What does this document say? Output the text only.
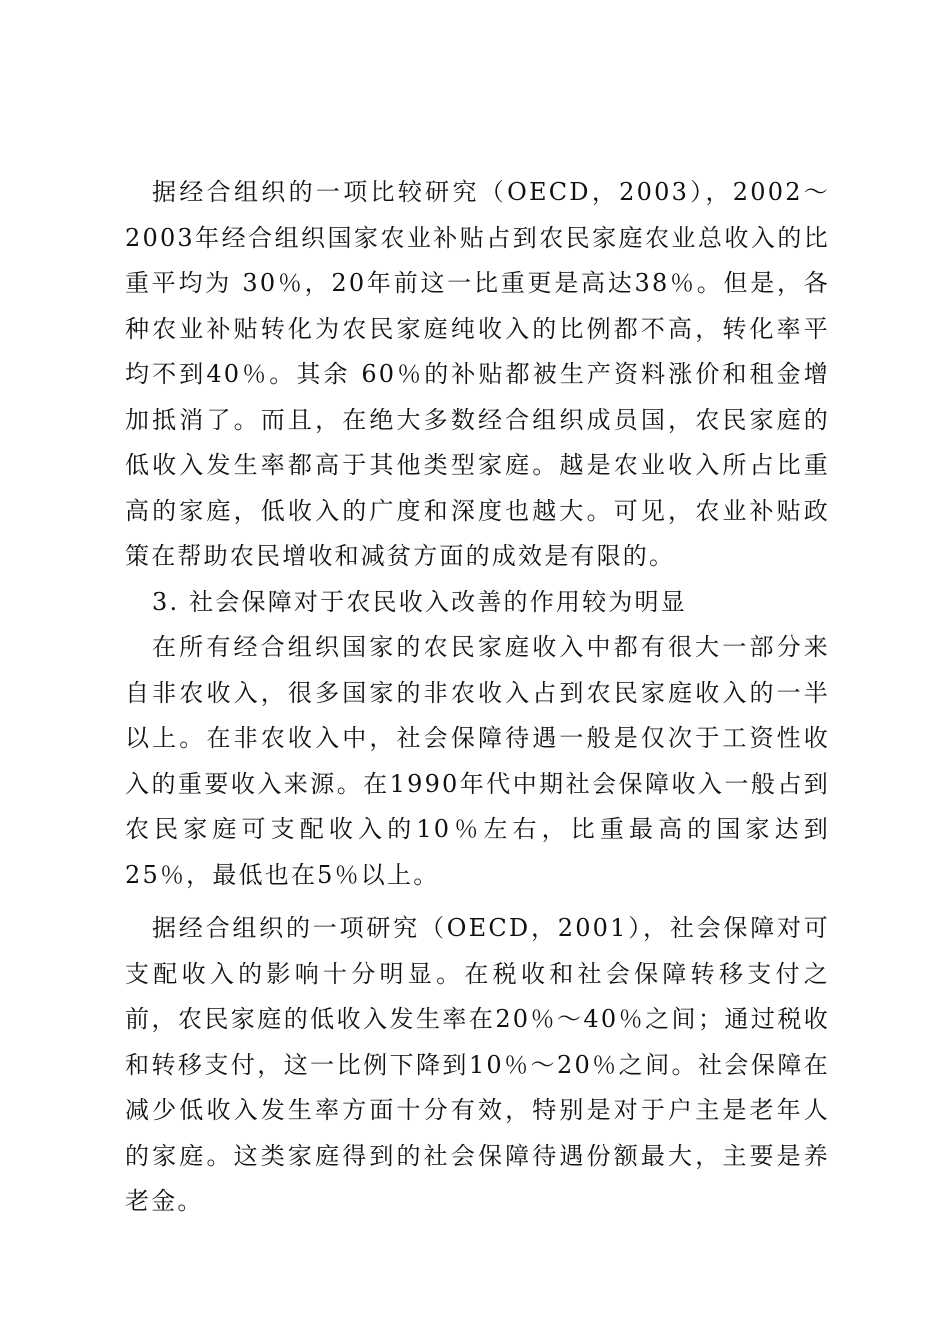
据经合组织的一项比较研究（OECD，2003），2002～2003年经合组织国家农业补贴占到农民家庭农业总收入的比重平均为 30％，20年前这一比重更是高达38％。但是，各种农业补贴转化为农民家庭纯收入的比例都不高，转化率平均不到40％。其余 60％的补贴都被生产资料涨价和租金增加抵消了。而且，在绝大多数经合组织成员国，农民家庭的低收入发生率都高于其他类型家庭。越是农业收入所占比重高的家庭，低收入的广度和深度也越大。可见，农业补贴政策在帮助农民增收和减贫方面的成效是有限的。

3. 社会保障对于农民收入改善的作用较为明显

在所有经合组织国家的农民家庭收入中都有很大一部分来自非农收入，很多国家的非农收入占到农民家庭收入的一半以上。在非农收入中，社会保障待遇一般是仅次于工资性收入的重要收入来源。在1990年代中期社会保障收入一般占到农民家庭可支配收入的10％左右，比重最高的国家达到25％，最低也在5％以上。

据经合组织的一项研究（OECD，2001），社会保障对可支配收入的影响十分明显。在税收和社会保障转移支付之前，农民家庭的低收入发生率在20％～40％之间；通过税收和转移支付，这一比例下降到10％～20％之间。社会保障在减少低收入发生率方面十分有效，特别是对于户主是老年人的家庭。这类家庭得到的社会保障待遇份额最大，主要是养老金。
